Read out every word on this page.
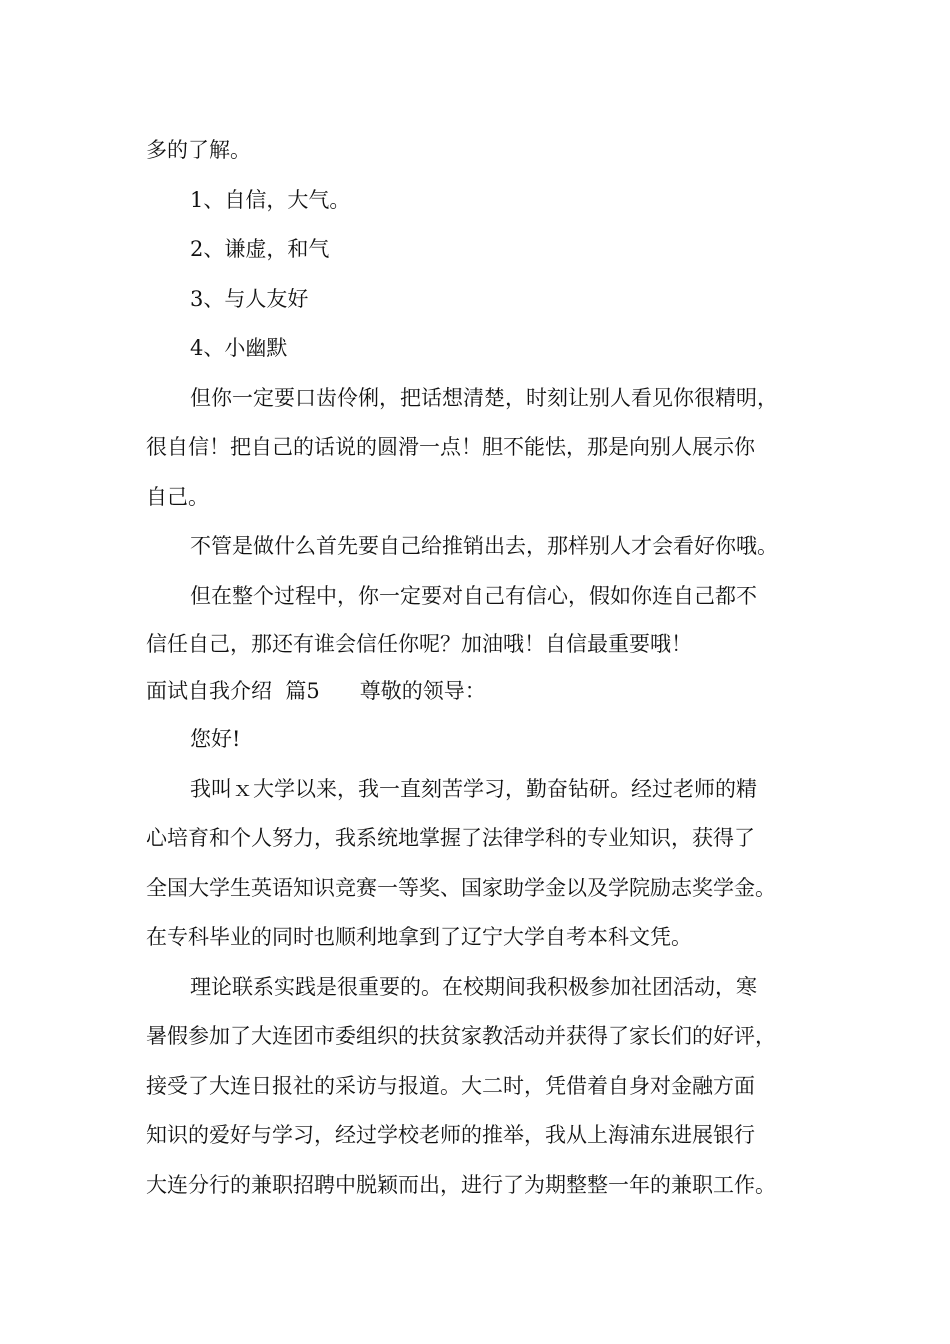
多的了解。
1、自信，大气。
2、谦虚，和气
3、与人友好
4、小幽默
但你一定要口齿伶俐，把话想清楚，时刻让别人看见你很精明，
很自信！把自己的话说的圆滑一点！胆不能怯，那是向别人展示你
自己。
不管是做什么首先要自己给推销出去，那样别人才会看好你哦。
但在整个过程中，你一定要对自己有信心，假如你连自己都不
信任自己，那还有谁会信任你呢？加油哦！自信最重要哦！
面试自我介绍  篇5      尊敬的领导：
您好!
我叫ｘ大学以来，我一直刻苦学习，勤奋钻研。经过老师的精
心培育和个人努力，我系统地掌握了法律学科的专业知识，获得了
全国大学生英语知识竞赛一等奖、国家助学金以及学院励志奖学金。
在专科毕业的同时也顺利地拿到了辽宁大学自考本科文凭。
理论联系实践是很重要的。在校期间我积极参加社团活动，寒
暑假参加了大连团市委组织的扶贫家教活动并获得了家长们的好评，
接受了大连日报社的采访与报道。大二时，凭借着自身对金融方面
知识的爱好与学习，经过学校老师的推举，我从上海浦东进展银行
大连分行的兼职招聘中脱颖而出，进行了为期整整一年的兼职工作。
